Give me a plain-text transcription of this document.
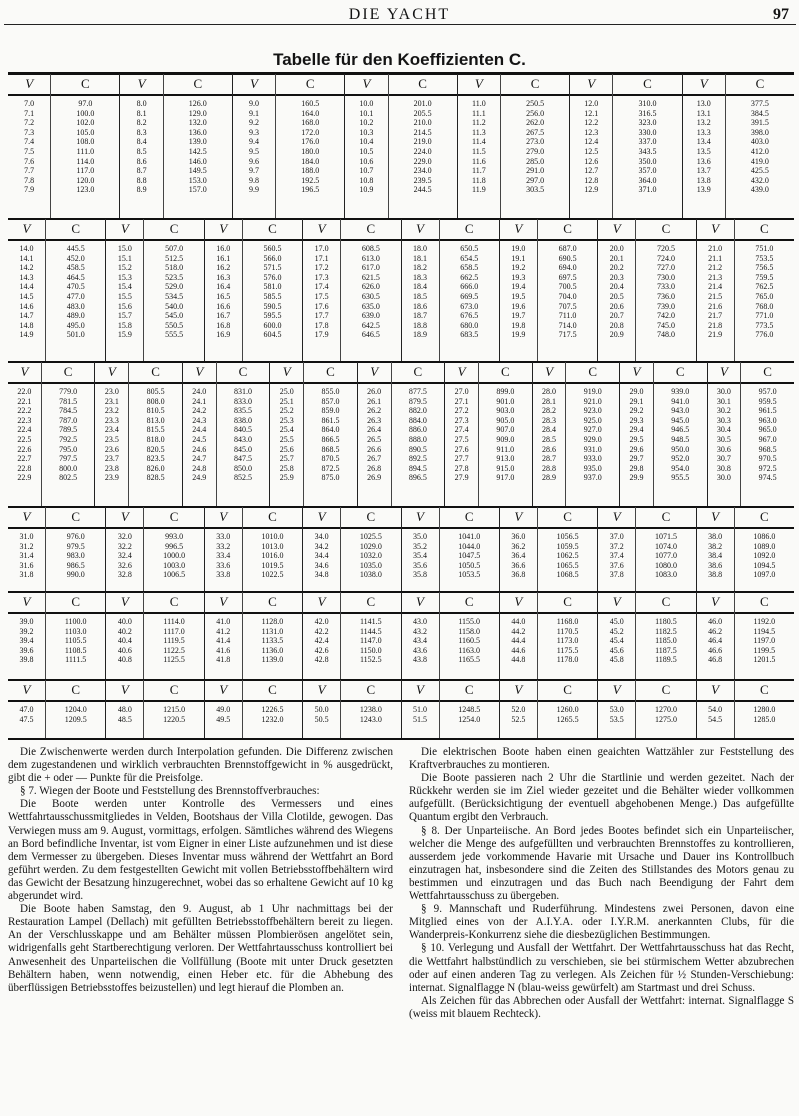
DIE YACHT	97
Tabelle für den Koeffizienten C.
V
7.0
7.1
7.2
7.3
7.4
7.5
7.6
7.7
7.8
7.9
C
97.0
100.0
102.0
105.0
108.0
111.0
114.0
117.0
120.0
123.0
V
8.0
8.1
8.2
8.3
8.4
8.5
8.6
8.7
8.8
8.9
C
126.0
129.0
132.0
136.0
139.0
142.5
146.0
149.5
153.0
157.0
V
9.0
9.1
9.2
9.3
9.4
9.5
9.6
9.7
9.8
9.9
C
160.5
164.0
168.0
172.0
176.0
180.0
184.0
188.0
192.5
196.5
V
10.0
10.1
10.2
10.3
10.4
10.5
10.6
10.7
10.8
10.9
C
201.0
205.5
210.0
214.5
219.0
224.0
229.0
234.0
239.5
244.5
V
11.0
11.1
11.2
11.3
11.4
11.5
11.6
11.7
11.8
11.9
C
250.5
256.0
262.0
267.5
273.0
279.0
285.0
291.0
297.0
303.5
V
12.0
12.1
12.2
12.3
12.4
12.5
12.6
12.7
12.8
12.9
C
310.0
316.5
323.0
330.0
337.0
343.5
350.0
357.0
364.0
371.0
V
13.0
13.1
13.2
13.3
13.4
13.5
13.6
13.7
13.8
13.9
C
377.5
384.5
391.5
398.0
403.0
412.0
419.0
425.5
432.0
439.0
V
14.0
14.1
14.2
14.3
14.4
14.5
14.6
14.7
14.8
14.9
C
445.5
452.0
458.5
464.5
470.5
477.0
483.0
489.0
495.0
501.0
V
15.0
15.1
15.2
15.3
15.4
15.5
15.6
15.7
15.8
15.9
C
507.0
512.5
518.0
523.5
529.0
534.5
540.0
545.0
550.5
555.5
V
16.0
16.1
16.2
16.3
16.4
16.5
16.6
16.7
16.8
16.9
C
560.5
566.0
571.5
576.0
581.0
585.5
590.5
595.5
600.0
604.5
V
17.0
17.1
17.2
17.3
17.4
17.5
17.6
17.7
17.8
17.9
C
608.5
613.0
617.0
621.5
626.0
630.5
635.0
639.0
642.5
646.5
V
18.0
18.1
18.2
18.3
18.4
18.5
18.6
18.7
18.8
18.9
C
650.5
654.5
658.5
662.5
666.0
669.5
673.0
676.5
680.0
683.5
V
19.0
19.1
19.2
19.3
19.4
19.5
19.6
19.7
19.8
19.9
C
687.0
690.5
694.0
697.5
700.5
704.0
707.5
711.0
714.0
717.5
V
20.0
20.1
20.2
20.3
20.4
20.5
20.6
20.7
20.8
20.9
C
720.5
724.0
727.0
730.0
733.0
736.0
739.0
742.0
745.0
748.0
V
21.0
21.1
21.2
21.3
21.4
21.5
21.6
21.7
21.8
21.9
C
751.0
753.5
756.5
759.5
762.5
765.0
768.0
771.0
773.5
776.0
V
22.0
22.1
22.2
22.3
22.4
22.5
22.6
22.7
22.8
22.9
C
779.0
781.5
784.5
787.0
789.5
792.5
795.0
797.5
800.0
802.5
V
23.0
23.1
23.2
23.3
23.4
23.5
23.6
23.7
23.8
23.9
C
805.5
808.0
810.5
813.0
815.5
818.0
820.5
823.5
826.0
828.5
V
24.0
24.1
24.2
24.3
24.4
24.5
24.6
24.7
24.8
24.9
C
831.0
833.0
835.5
838.0
840.5
843.0
845.0
847.5
850.0
852.5
V
25.0
25.1
25.2
25.3
25.4
25.5
25.6
25.7
25.8
25.9
C
855.0
857.0
859.0
861.5
864.0
866.5
868.5
870.5
872.5
875.0
V
26.0
26.1
26.2
26.3
26.4
26.5
26.6
26.7
26.8
26.9
C
877.5
879.5
882.0
884.0
886.0
888.0
890.5
892.5
894.5
896.5
V
27.0
27.1
27.2
27.3
27.4
27.5
27.6
27.7
27.8
27.9
C
899.0
901.0
903.0
905.0
907.0
909.0
911.0
913.0
915.0
917.0
V
28.0
28.1
28.2
28.3
28.4
28.5
28.6
28.7
28.8
28.9
C
919.0
921.0
923.0
925.0
927.0
929.0
931.0
933.0
935.0
937.0
V
29.0
29.1
29.2
29.3
29.4
29.5
29.6
29.7
29.8
29.9
C
939.0
941.0
943.0
945.0
946.5
948.5
950.0
952.0
954.0
955.5
V
30.0
30.1
30.2
30.3
30.4
30.5
30.6
30.7
30.8
30.0
C
957.0
959.5
961.5
963.0
965.0
967.0
968.5
970.5
972.5
974.5
V
31.0
31.2
31.4
31.6
31.8
C
976.0
979.5
983.0
986.5
990.0
V
32.0
32.2
32.4
32.6
32.8
C
993.0
996.5
1000.0
1003.0
1006.5
V
33.0
33.2
33.4
33.6
33.8
C
1010.0
1013.0
1016.0
1019.5
1022.5
V
34.0
34.2
34.4
34.6
34.8
C
1025.5
1029.0
1032.0
1035.0
1038.0
V
35.0
35.2
35.4
35.6
35.8
C
1041.0
1044.0
1047.5
1050.5
1053.5
V
36.0
36.2
36.4
36.6
36.8
C
1056.5
1059.5
1062.5
1065.5
1068.5
V
37.0
37.2
37.4
37.6
37.8
C
1071.5
1074.0
1077.0
1080.0
1083.0
V
38.0
38.2
38.4
38.6
38.8
C
1086.0
1089.0
1092.0
1094.5
1097.0
V
39.0
39.2
39.4
39.6
39.8
C
1100.0
1103.0
1105.5
1108.5
1111.5
V
40.0
40.2
40.4
40.6
40.8
C
1114.0
1117.0
1119.5
1122.5
1125.5
V
41.0
41.2
41.4
41.6
41.8
C
1128.0
1131.0
1133.5
1136.0
1139.0
V
42.0
42.2
42.4
42.6
42.8
C
1141.5
1144.5
1147.0
1150.0
1152.5
V
43.0
43.2
43.4
43.6
43.8
C
1155.0
1158.0
1160.5
1163.0
1165.5
V
44.0
44.2
44.4
44.6
44.8
C
1168.0
1170.5
1173.0
1175.5
1178.0
V
45.0
45.2
45.4
45.6
45.8
C
1180.5
1182.5
1185.0
1187.5
1189.5
V
46.0
46.2
46.4
46.6
46.8
C
1192.0
1194.5
1197.0
1199.5
1201.5
V
47.0
47.5
C
1204.0
1209.5
V
48.0
48.5
C
1215.0
1220.5
V
49.0
49.5
C
1226.5
1232.0
V
50.0
50.5
C
1238.0
1243.0
V
51.0
51.5
C
1248.5
1254.0
V
52.0
52.5
C
1260.0
1265.5
V
53.0
53.5
C
1270.0
1275.0
V
54.0
54.5
C
1280.0
1285.0

Die Zwischenwerte werden durch Interpolation gefunden. Die Differenz zwischen dem zugestandenen und wirklich verbrauchten Brennstoffgewicht in % ausgedrückt, gibt die + oder — Punkte für die Preisfolge.

§ 7. Wiegen der Boote und Feststellung des Brennstoffverbrauches:

Die Boote werden unter Kontrolle des Vermessers und eines Wettfahrtausschussmitgliedes in Velden, Bootshaus der Villa Clotilde, gewogen. Das Verwiegen muss am 9. August, vormittags, erfolgen. Sämtliches während des Wiegens an Bord befindliche Inventar, ist vom Eigner in einer Liste aufzunehmen und ist diese dem Vermesser zu übergeben. Dieses Inventar muss während der Wettfahrt an Bord geführt werden. Zu dem festgestellten Gewicht mit vollen Betriebsstoffbehältern wird das Gewicht der Besatzung hinzugerechnet, wobei das so erhaltene Gewicht auf 10 kg abgerundet wird.

Die Boote haben Samstag, den 9. August, ab 1 Uhr nachmittags bei der Restauration Lampel (Dellach) mit gefüllten Betriebsstoffbehältern bereit zu liegen. An der Verschlusskappe und am Behälter müssen Plombierösen angelötet sein, widrigenfalls geht Startberechtigung verloren. Der Wettfahrtausschuss kontrolliert bei Anwesenheit des Unparteiischen die Vollfüllung (Boote mit unter Druck gesetzten Behältern haben, wenn notwendig, einen Heber etc. für die Abhebung des überflüssigen Betriebsstoffes beizustellen) und legt hierauf die Plomben an.

Die elektrischen Boote haben einen geaichten Wattzähler zur Feststellung des Kraftverbrauches zu montieren.

Die Boote passieren nach 2 Uhr die Startlinie und werden gezeitet. Nach der Rückkehr werden sie im Ziel wieder gezeitet und die Behälter wieder vollkommen aufgefüllt. (Berücksichtigung der eventuell abgehobenen Menge.) Das aufgefüllte Quantum ergibt den Verbrauch.

§ 8. Der Unparteiische. An Bord jedes Bootes befindet sich ein Unparteiischer, welcher die Menge des aufgefüllten und verbrauchten Brennstoffes zu kontrollieren, ausserdem jede vorkommende Havarie mit Ursache und Dauer ins Kontrollbuch einzutragen hat, insbesondere sind die Zeiten des Stillstandes des Motors genau zu bestimmen und einzutragen und das Buch nach Beendigung der Fahrt dem Wettfahrtausschuss zu übergeben.

§ 9. Mannschaft und Ruderführung. Mindestens zwei Personen, davon eine Mitglied eines von der A.I.Y.A. oder I.Y.R.M. anerkannten Clubs, für die Wanderpreis-Konkurrenz siehe die diesbezüglichen Bestimmungen.

§ 10. Verlegung und Ausfall der Wettfahrt. Der Wettfahrtausschuss hat das Recht, die Wettfahrt halbstündlich zu verschieben, sie bei stürmischem Wetter abzubrechen oder auf einen anderen Tag zu verlegen. Als Zeichen für ½ Stunden-Verschiebung: internat. Signalflagge N (blau-weiss gewürfelt) am Startmast und drei Schuss.

Als Zeichen für das Abbrechen oder Ausfall der Wettfahrt: internat. Signalflagge S (weiss mit blauem Rechteck).
